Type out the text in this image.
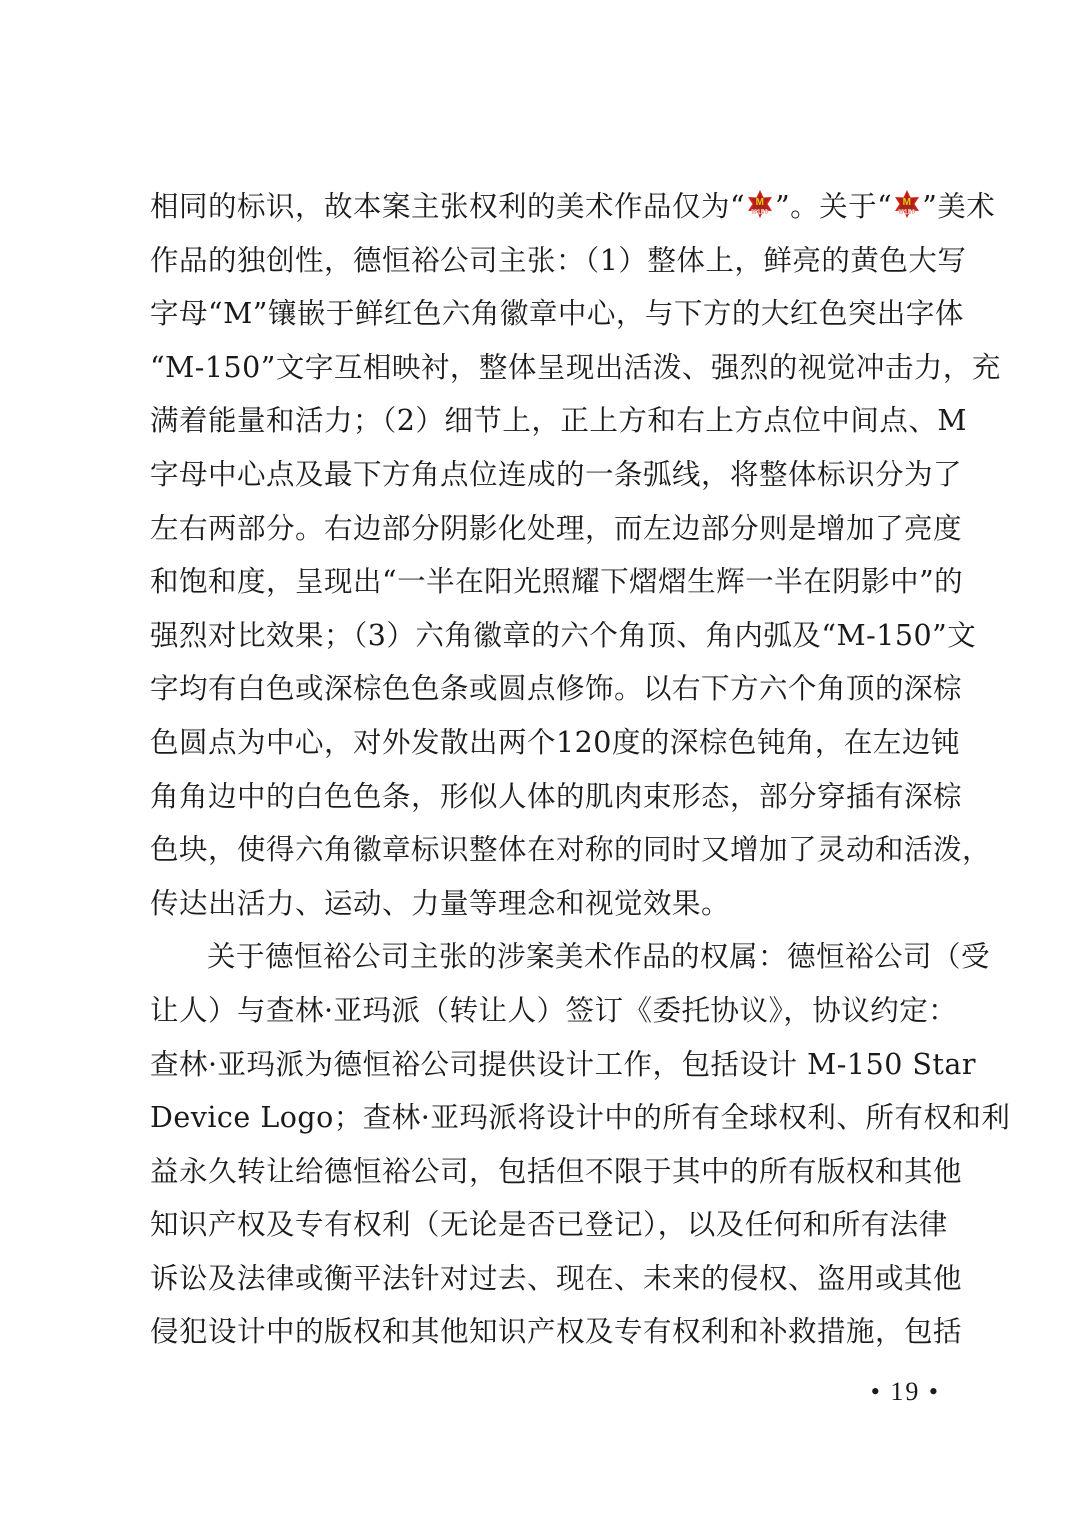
相同的标识，故本案主张权利的美术作品仅为“ M
M150 ”。关于“ M
M150 ”美术
作品的独创性，德恒裕公司主张：（1）整体上，鲜亮的黄色大写
字母“M”镶嵌于鲜红色六角徽章中心，与下方的大红色突出字体
“M-150”文字互相映衬，整体呈现出活泼、强烈的视觉冲击力，充
满着能量和活力；（2）细节上，正上方和右上方点位中间点、M
字母中心点及最下方角点位连成的一条弧线，将整体标识分为了
左右两部分。右边部分阴影化处理，而左边部分则是增加了亮度
和饱和度，呈现出“一半在阳光照耀下熠熠生辉一半在阴影中”的
强烈对比效果；（3）六角徽章的六个角顶、角内弧及“M-150”文
字均有白色或深棕色色条或圆点修饰。以右下方六个角顶的深棕
色圆点为中心，对外发散出两个120度的深棕色钝角，在左边钝
角角边中的白色色条，形似人体的肌肉束形态，部分穿插有深棕
色块，使得六角徽章标识整体在对称的同时又增加了灵动和活泼，
传达出活力、运动、力量等理念和视觉效果。
关于德恒裕公司主张的涉案美术作品的权属：德恒裕公司（受
让人）与查林·亚玛派（转让人）签订《委托协议》，协议约定：
查林·亚玛派为德恒裕公司提供设计工作，包括设计 M-150 Star
Device Logo；查林·亚玛派将设计中的所有全球权利、所有权和利
益永久转让给德恒裕公司，包括但不限于其中的所有版权和其他
知识产权及专有权利（无论是否已登记），以及任何和所有法律
诉讼及法律或衡平法针对过去、现在、未来的侵权、盗用或其他
侵犯设计中的版权和其他知识产权及专有权利和补救措施，包括
• 19 •
